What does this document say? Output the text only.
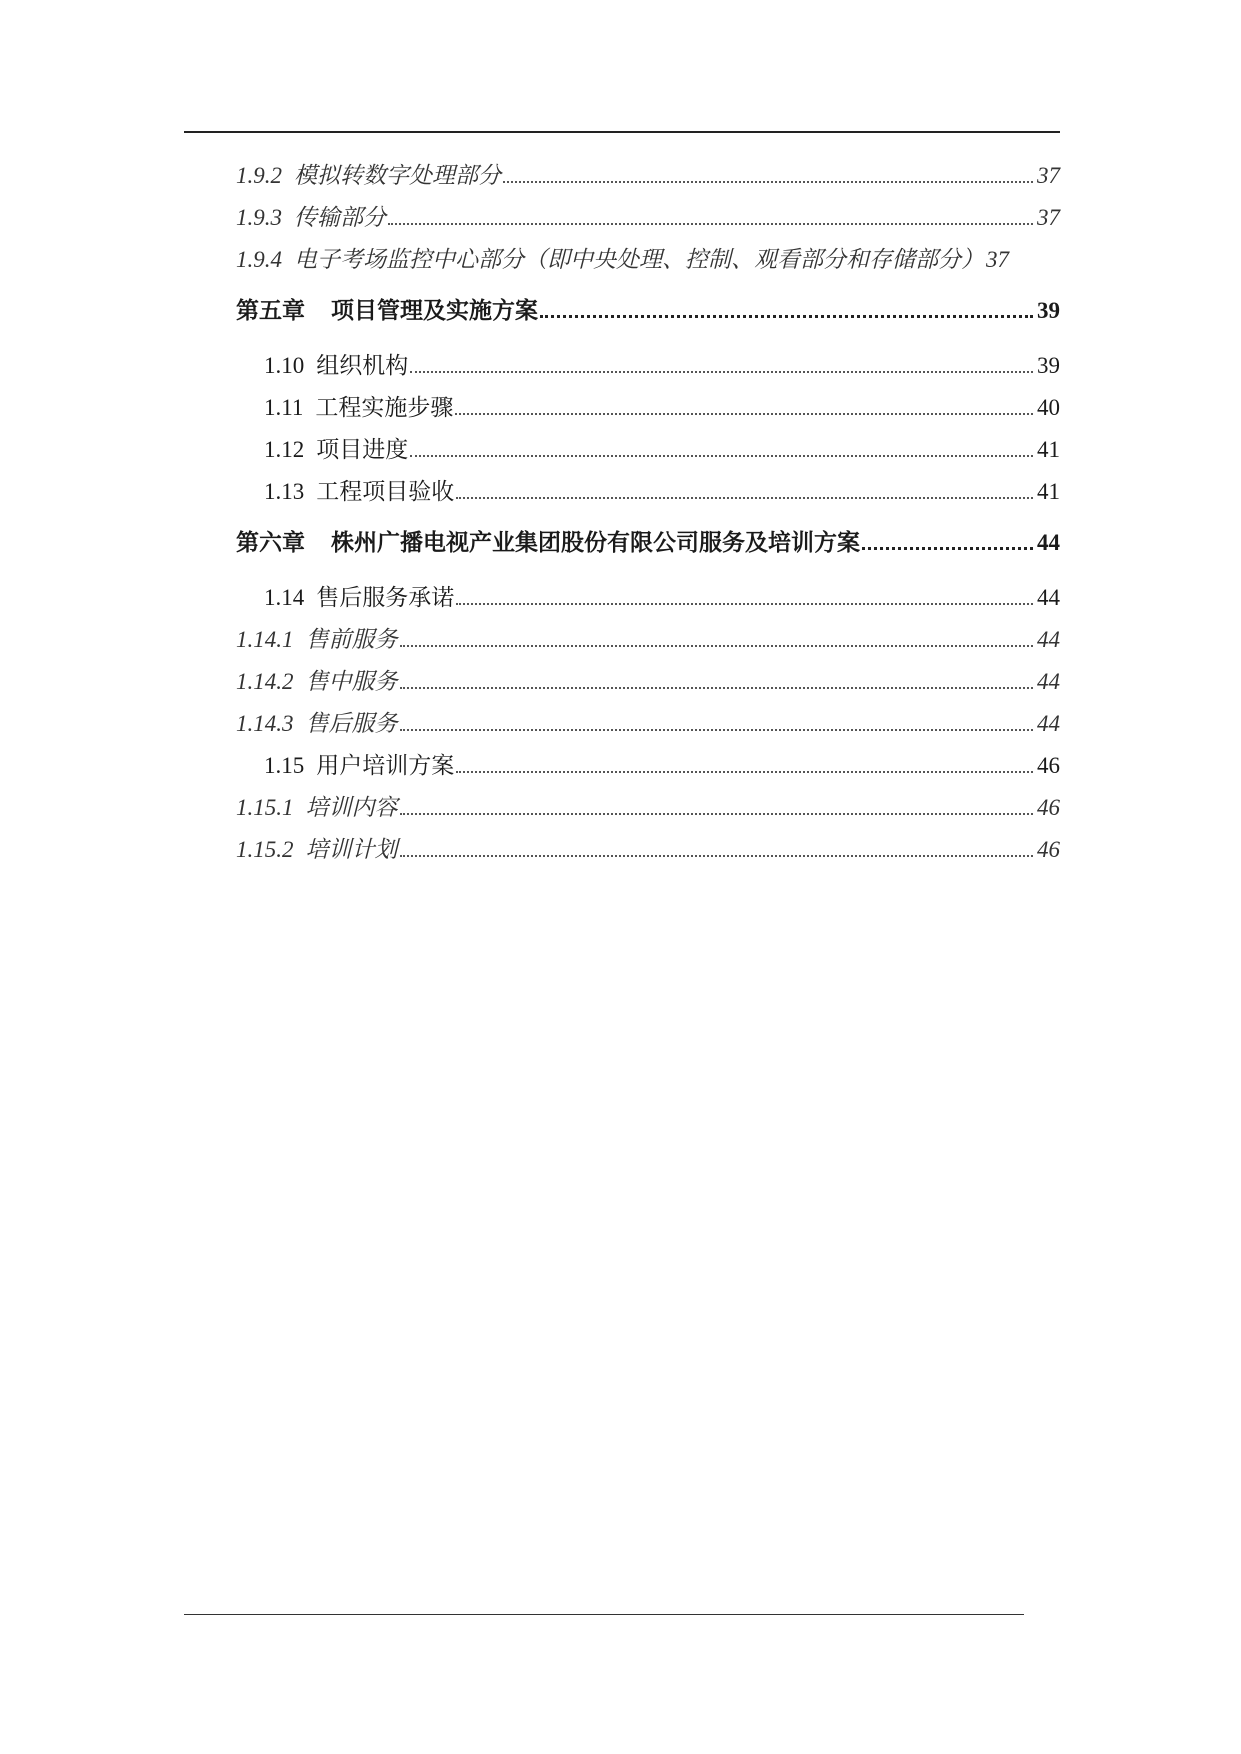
1.9.2 模拟转数字处理部分	37
1.9.3 传输部分	37
1.9.4 电子考场监控中心部分（即中央处理、控制、观看部分和存储部分） 37
第五章 项目管理及实施方案	39
1.10 组织机构	39
1.11 工程实施步骤	40
1.12 项目进度	41
1.13 工程项目验收	41
第六章 株州广播电视产业集团股份有限公司服务及培训方案	44
1.14 售后服务承诺	44
1.14.1 售前服务	44
1.14.2 售中服务	44
1.14.3 售后服务	44
1.15 用户培训方案	46
1.15.1 培训内容	46
1.15.2 培训计划	46
